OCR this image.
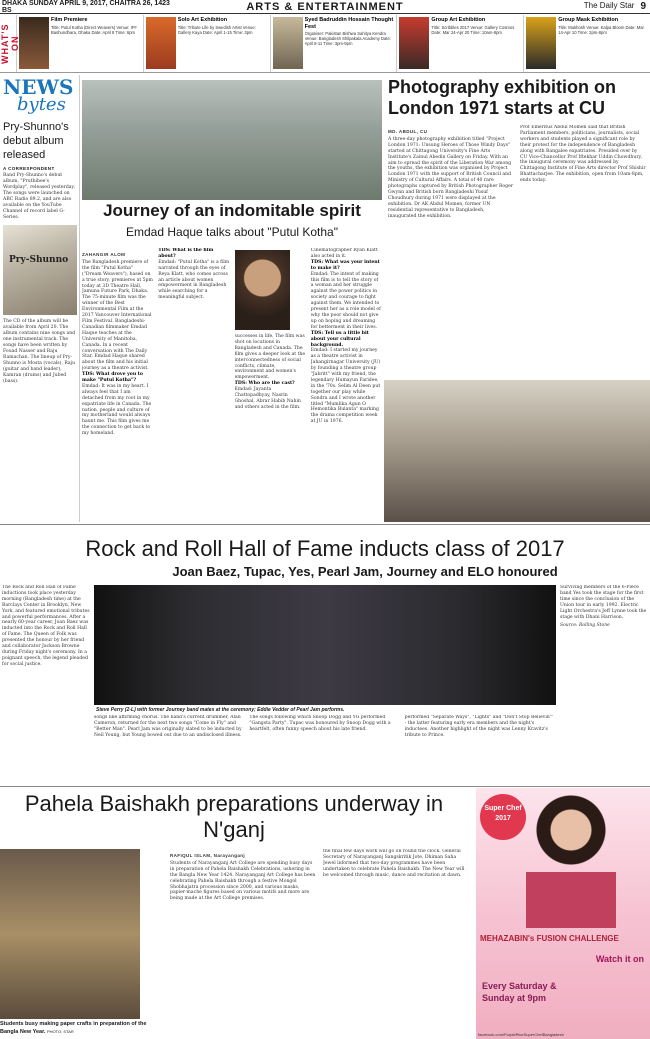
DHAKA SUNDAY APRIL 9, 2017, CHAITRA 26, 1423 BS	ARTS & ENTERTAINMENT	The Daily Star 9
WHAT'S ON
Film Premiere
Title: Putul Kotha (Direct Weavers) Venue: IFF Bashundhara, Dhaka Date: April 8 Time: 6pm
Solo Art Exhibition
Title: Tribute Life by Swedish Artist Venue: Gallery Kaya Date: April 1-15 Time: 3pm
Syed Badruddin Hossain Thought Fest
Organiser: Pakistan Bishwa Sahitya Kendra Venue: Bangladesh Shilpakala Academy Date: April 8-11 Time: 3pm-9pm
Group Art Exhibition
Title: Scribbles 2017 Venue: Gallery Cosmos Date: Mar 24-Apr 20 Time: 10am-8pm
Group Mask Exhibition
Title: Mukhosh Venue: Kalpa Bloom Date: Mar 14-Apr 10 Time: 2pm-8pm
NEWS
bytes
Pry-Shunno's debut album released
A CORRESPONDENT
Band Pry-Shunno's debut album, "Pruthibee's Wordplay", released yesterday. The songs were launched on ABC Radio 89.2, and are also available on the YouTube Channel of record label G-Series.
Pry-Shunno
The CD of the album will be available from April 20. The album contains nine songs and one instrumental track. The songs have been written by Fouad Nasser and Raju Ramachan. The lineup of Pry-Shunno is Mosta (vocals), Raju (guitar and band leader), Kamran (drums) and Jubed (bass).
Journey of an indomitable spirit
Emdad Haque talks about "Putul Kotha"
ZAHANGIR ALOM

The Bangladesh premiere of the film "Putul Kotha" ("Dream Weavers"), based on a true story, premieres at 5pm today at 3D Theatre Hall, Jamuna Future Park, Dhaka. The 75-minute film was the winner of the Best Environmental Film at the 2017 Vancouver International Film Festival. Bangladeshi-Canadian filmmaker Emdad Haque teaches at the University of Manitoba, Canada. In a recent conversation with The Daily Star, Emdad Haque shared about the film and his initial journey as a theatre activist.

TDS: What drove you to make "Putul Kotha"?

Emdad: It was in my heart. I always feel that I am detached from my root in my expatriate life in Canada. The nation, people and culture of my motherland would always haunt me. This film gives me the connection to get back to my homeland.

TDS: What is the film about?

Emdad: "Putul Kotha" is a film narrated through the eyes of Reya Klatt, who comes across an article about women empowerment in Bangladesh while searching for a meaningful subject.

successes in life. The film was shot on locations in Bangladesh and Canada. The film gives a deeper look at the interconnectedness of social conflicts, climate, environment and women's empowerment.

TDS: Who are the cast?

Emdad: Jayanta Chattopadhyay, Nasrin Ghoshal, Abrar Habib Nahin and others acted in the film.

Cinematographer Ryan Klatt also acted in it.

TDS: What was your intent to make it?

Emdad: The intent of making this film is to tell the story of a woman and her struggle against the power politics in society and courage to fight against them. We intended to present her as a role model of why the poor should not give up on hoping and dreaming for betterment in their lives.

TDS: Tell us a little bit about your cultural background.

Emdad: I started my journey as a theatre activist in Jahangirnagar University (JU) by founding a theatre group "Jabritt" with my friend, the legendary Humayun Faridee, in the '70s. Selim Al Deen put together our play while Sondra and I wrote another titled "Mumlika Agun O Hemontika Bulanta" marking the drama competition week at JU in 1976.

Photography exhibition on London 1971 starts at CU
MD. ABDUL, CU

A three-day photography exhibition titled "Project London 1971: Unsung Heroes of Those Windy Days" started at Chittagong University's Fine Arts Institute's Zainul Abedin Gallery on Friday. With an aim to spread the spirit of the Liberation War among the youths, the exhibition was organised by Project London 1971 with the support of British Council and Ministry of Cultural Affairs. A total of 40 rare photographs captured by British Photographer Roger Gwynn and British born Bangladeshi Yusuf Choudhury during 1971 were displayed at the exhibition. Dr AK Abdul Momen, former UN residential representative to Bangladesh, inaugurated the exhibition.

Prof Emeritus Abdul Momen said that British Parliament members, politicians, journalists, social workers and students played a significant role by their protest for the independence of Bangladesh along with Bangalee expatriates. Presided over by CU Vice-Chancellor Prof Iftekhar Uddin Chowdhury, the inaugural ceremony was addressed by Chittagong Institute of Fine Arts director Prof Shishir Bhattacharjee. The exhibition, open from 10am-8pm, ends today.

Rock and Roll Hall of Fame inducts class of 2017
Joan Baez, Tupac, Yes, Pearl Jam, Journey and ELO honoured
The Rock and Roll Hall of Fame inductions took place yesterday morning (Bangladesh time) at the Barclays Center in Brooklyn, New York, and featured emotional tributes and powerful performances. After a nearly 60-year career, Joan Baez was inducted into the Rock and Roll Hall of Fame. The Queen of Folk was presented the honour by her friend and collaborator Jackson Browne during Friday night's ceremony. In a poignant speech, the legend pleaded for social justice.
Steve Perry (2-L) with former Journey band mates at the ceremony; Eddie Vedder of Pearl Jam performs.
songs like affirming chorus. The band's current drummer, Alan Cameron, returned for the next two songs "Come in Fly" and "Better Man". Pearl Jam was originally slated to be inducted by Neil Young, but Young bowed out due to an undisclosed illness.
The songs following which Snoop Dogg and YG performed "Gangsta Party". Tupac was honoured by Snoop Dogg with a heartfelt, often funny speech about his late friend.
performed "Separate Ways", "Lights" and "Don't Stop Believin'" - the latter featuring early era members and the night's inductees. Another highlight of the night was Lenny Kravitz's tribute to Prince.

Surviving members of the 6-Piece band Yes took the stage for the first time since the conclusion of the Union tour in early 1992. Electric Light Orchestra's Jeff Lynne took the stage with Dhani Harrison.

Source: Rolling Stone

Pahela Baishakh preparations underway in N'ganj
Students busy making paper crafts in preparation of the Bangla New Year. PHOTO: STAR
RAFIQUL ISLAM, Narayanganj

Students of Narayanganj Art College are spending busy days in preparation of Pahela Baishakh Celebrations, ushering in the Bangla New Year 1424. Narayanganj Art College has been celebrating Pahela Baishakh through a festive Mongol Shobhajatra procession since 2000, and various masks, papier-mache figures based on various motifs and more are being made at the Art College premises.

the final few days work will go on round the clock. General Secretary of Narayanganj Sangskritik Jote, Dhiman Saha Jewel informed that two-day programmes have been undertaken to celebrate Pahela Baishakh. The New Year will be welcomed through music, dance and recitation at dawn.
Super Chef 2017
MEHAZABIN's FUSION CHALLENGE
Watch it on
Every Saturday &
Sunday at 9pm
facebook.com/PurpleRiceSuperChefBangladesh
